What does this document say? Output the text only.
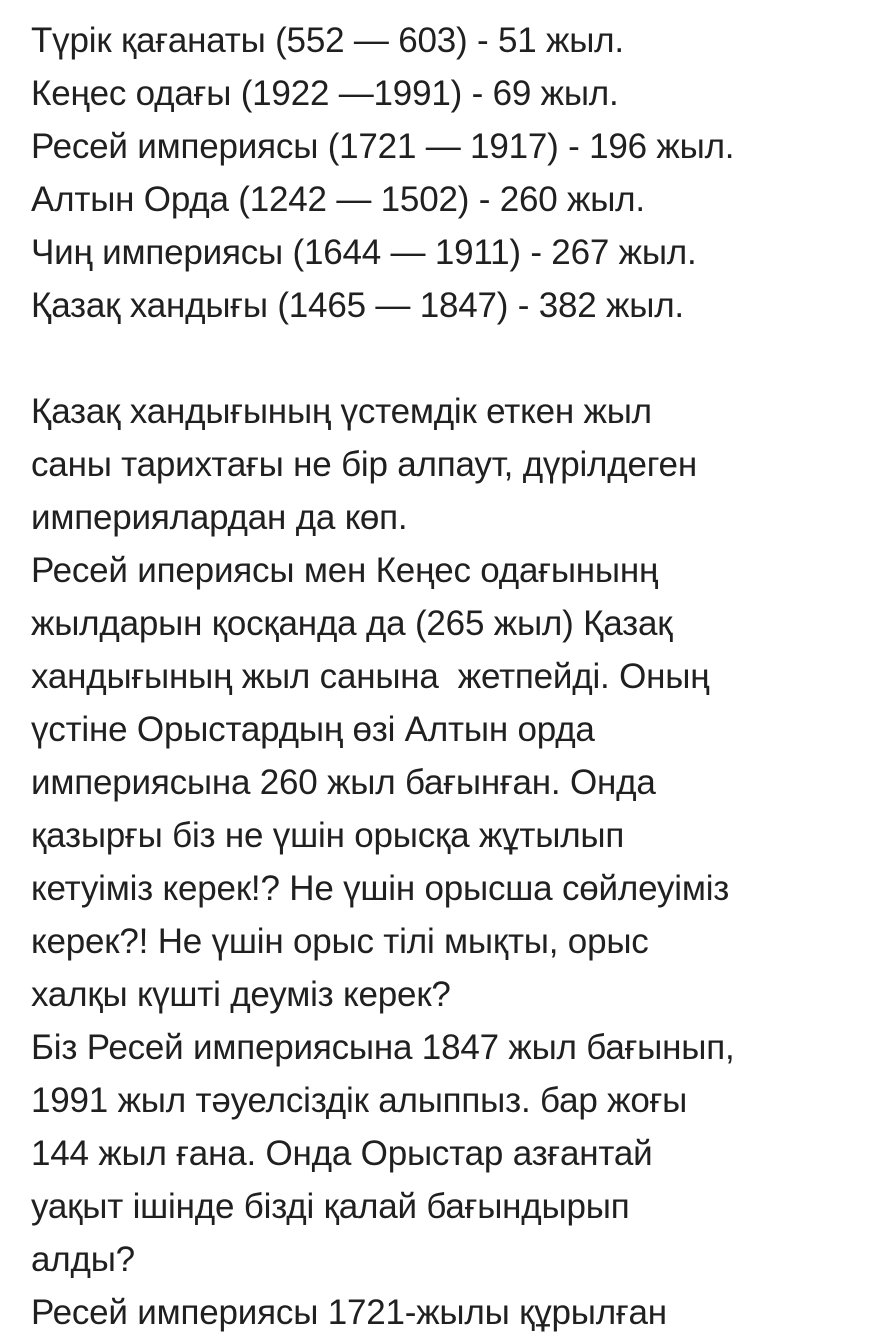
Түрік қағанаты (552 — 603) - 51 жыл.
Кеңес одағы (1922 —1991) - 69 жыл.
Ресей империясы (1721 — 1917) - 196 жыл.
Алтын Орда (1242 — 1502) - 260 жыл.
Чиң империясы (1644 — 1911) - 267 жыл.
Қазақ хандығы (1465 — 1847) - 382 жыл.
Қазақ хандығының үстемдік еткен жыл
саны тарихтағы не бір алпаут, дүрілдеген
империялардан да көп.
Ресей иперияcы мен Кеңес одағынынң
жылдарын қосқанда да (265 жыл) Қазақ
хандығының жыл санына  жетпейді. Оның
үстіне Орыстардың өзі Алтын орда
империясына 260 жыл бағынған. Онда
қазырғы біз не үшін орысқа жұтылып
кетуіміз керек!? Не үшін орысша сөйлеуіміз
керек?! Не үшін орыс тілі мықты, орыс
халқы күшті деуміз керек?
Біз Ресей империясына 1847 жыл бағынып,
1991 жыл тәуелсіздік алыппыз. бар жоғы
144 жыл ғана. Онда Орыстар азғантай
уақыт ішінде бізді қалай бағындырып
алды?
Ресей империясы 1721-жылы құрылған
